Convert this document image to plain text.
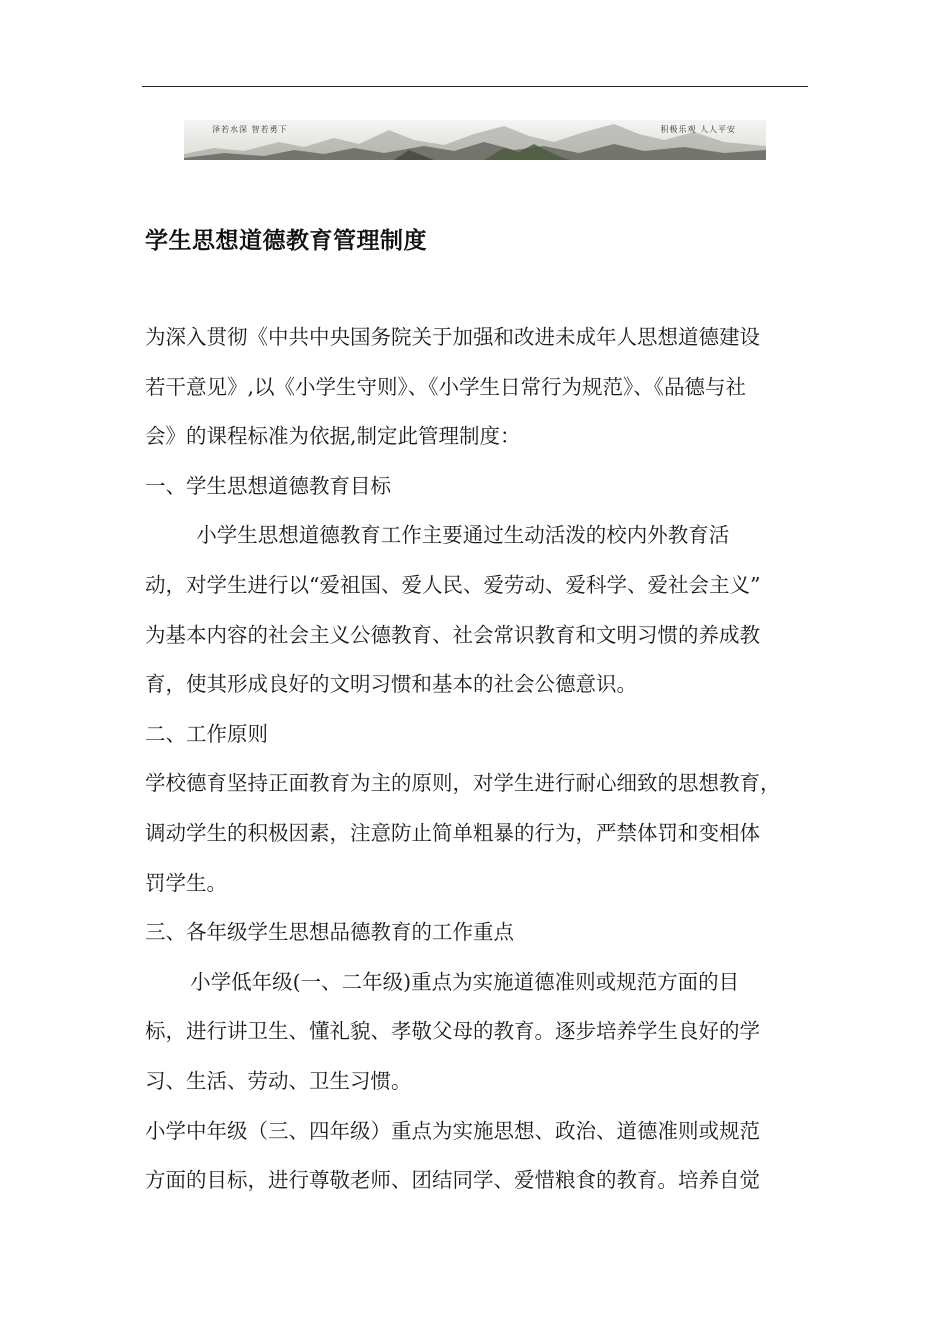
泽若水深 智若勇下	积极乐观 人人平安
学生思想道德教育管理制度
为深入贯彻《中共中央国务院关于加强和改进未成年人思想道德建设
若干意见》,以《小学生守则》、《小学生日常行为规范》、《品德与社
会》的课程标准为依据,制定此管理制度：
一、学生思想道德教育目标
小学生思想道德教育工作主要通过生动活泼的校内外教育活
动，对学生进行以“爱祖国、爱人民、爱劳动、爱科学、爱社会主义”
为基本内容的社会主义公德教育、社会常识教育和文明习惯的养成教
育，使其形成良好的文明习惯和基本的社会公德意识。
二、工作原则
学校德育坚持正面教育为主的原则，对学生进行耐心细致的思想教育，
调动学生的积极因素，注意防止简单粗暴的行为，严禁体罚和变相体
罚学生。
三、各年级学生思想品德教育的工作重点
小学低年级(一、二年级)重点为实施道德准则或规范方面的目
标，进行讲卫生、懂礼貌、孝敬父母的教育。逐步培养学生良好的学
习、生活、劳动、卫生习惯。
小学中年级（三、四年级）重点为实施思想、政治、道德准则或规范
方面的目标，进行尊敬老师、团结同学、爱惜粮食的教育。培养自觉
